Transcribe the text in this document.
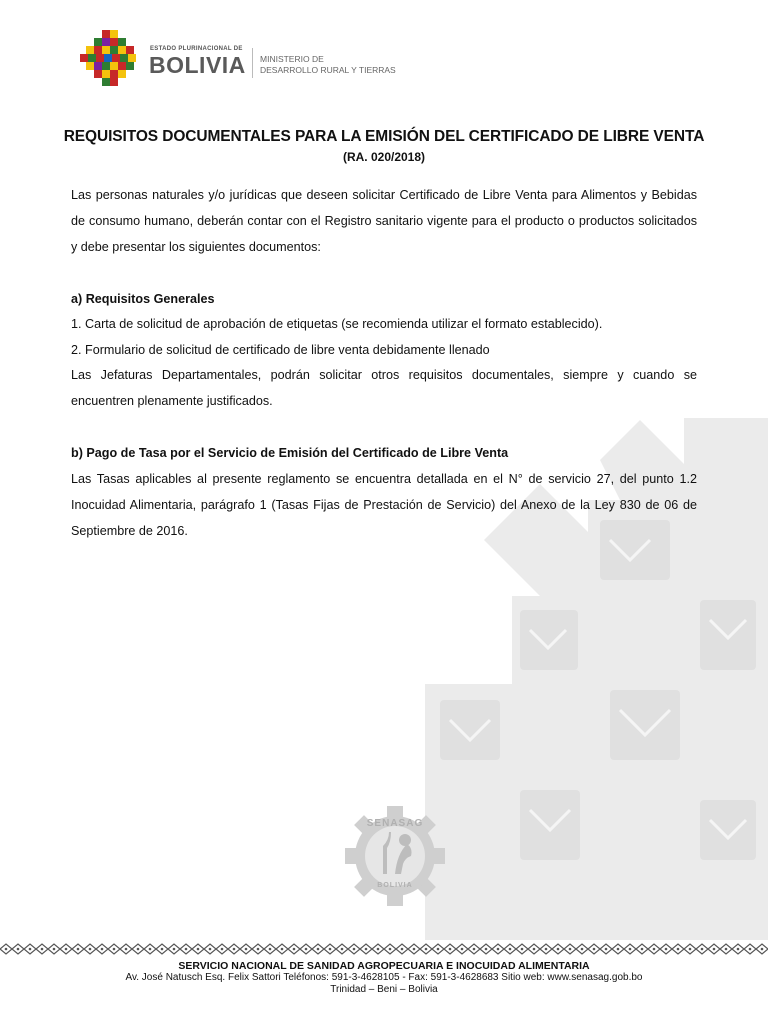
ESTADO PLURINACIONAL DE
BOLIVIA MINISTERIO DE
DESARROLLO RURAL Y TIERRAS
REQUISITOS DOCUMENTALES PARA LA EMISIÓN DEL CERTIFICADO DE LIBRE VENTA
(RA. 020/2018)
Las personas naturales y/o jurídicas que deseen solicitar Certificado de Libre Venta para Alimentos y Bebidas de consumo humano, deberán contar con el Registro sanitario vigente para el producto o productos solicitados y debe presentar los siguientes documentos:
a) Requisitos Generales
1. Carta de solicitud de aprobación de etiquetas (se recomienda utilizar el formato establecido).
2. Formulario de solicitud de certificado de libre venta debidamente llenado
Las Jefaturas Departamentales, podrán solicitar otros requisitos documentales, siempre y cuando se encuentren plenamente justificados.
b) Pago de Tasa por el Servicio de Emisión del Certificado de Libre Venta
Las Tasas aplicables al presente reglamento se encuentra detallada en el N° de servicio 27, del punto 1.2 Inocuidad Alimentaria, parágrafo 1 (Tasas Fijas de Prestación de Servicio) del Anexo de la Ley 830 de 06 de Septiembre de 2016.
SENASAG
BOLIVIA
SERVICIO NACIONAL DE SANIDAD AGROPECUARIA E INOCUIDAD ALIMENTARIA
Av. José Natusch Esq. Felix Sattori Teléfonos: 591-3-4628105 - Fax: 591-3-4628683 Sitio web: www.senasag.gob.bo
Trinidad – Beni – Bolivia
